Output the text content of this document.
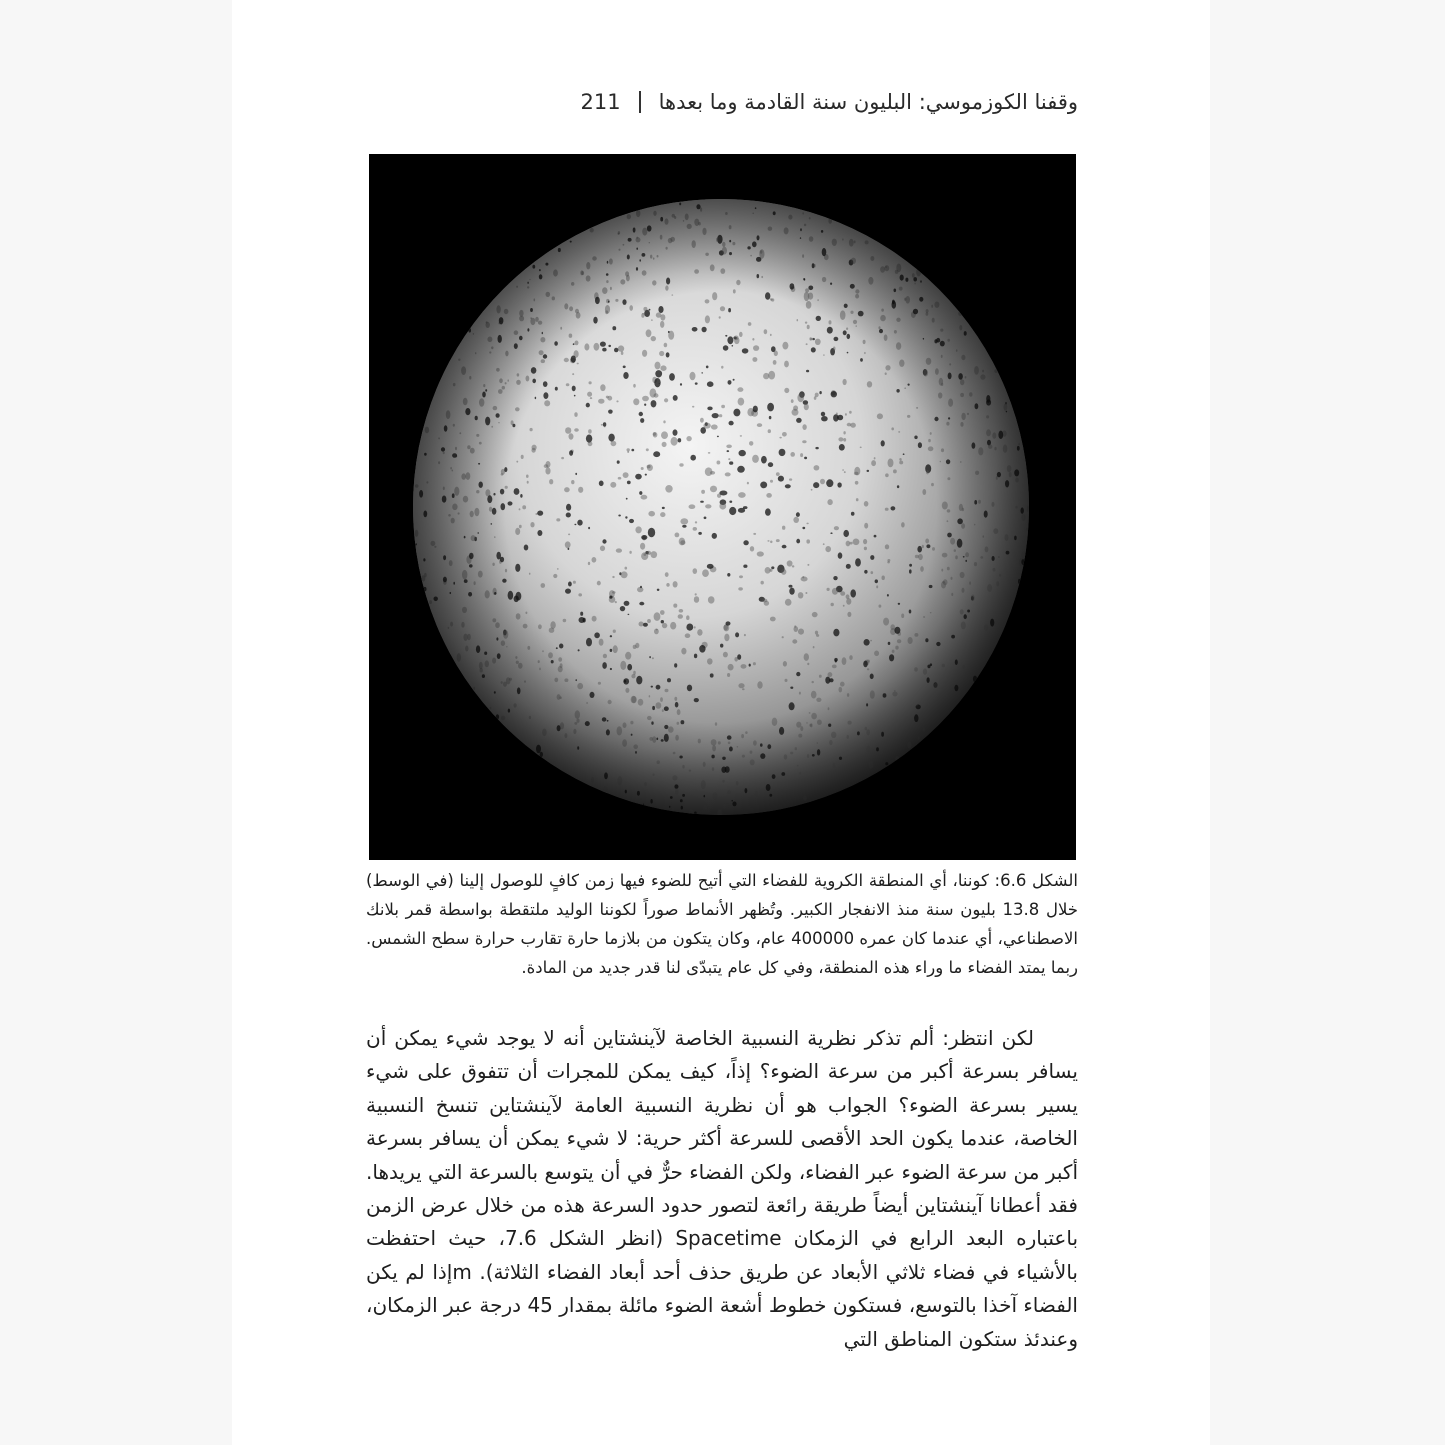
وقفنا الكوزموسي: البليون سنة القادمة وما بعدها
211
الشكل 6.6: كوننا، أي المنطقة الكروية للفضاء التي أتيح للضوء فيها زمن كافٍ للوصول إلينا (في الوسط) خلال 13.8 بليون سنة منذ الانفجار الكبير. وتُظهر الأنماط صوراً لكوننا الوليد ملتقطة بواسطة قمر بلانك الاصطناعي، أي عندما كان عمره 400000 عام، وكان يتكون من بلازما حارة تقارب حرارة سطح الشمس. ربما يمتد الفضاء ما وراء هذه المنطقة، وفي كل عام يتبدّى لنا قدر جديد من المادة.

لكن انتظر: ألم تذكر نظرية النسبية الخاصة لآينشتاين أنه لا يوجد شيء يمكن أن يسافر بسرعة أكبر من سرعة الضوء؟ إذاً، كيف يمكن للمجرات أن تتفوق على شيء يسير بسرعة الضوء؟ الجواب هو أن نظرية النسبية العامة لآينشتاين تنسخ النسبية الخاصة، عندما يكون الحد الأقصى للسرعة أكثر حرية: لا شيء يمكن أن يسافر بسرعة أكبر من سرعة الضوء عبر الفضاء، ولكن الفضاء حرٌّ في أن يتوسع بالسرعة التي يريدها. فقد أعطانا آينشتاين أيضاً طريقة رائعة لتصور حدود السرعة هذه من خلال عرض الزمن باعتباره البعد الرابع في الزمكان Spacetime (انظر الشكل 7.6، حيث احتفظت بالأشياء في فضاء ثلاثي الأبعاد عن طريق حذف أحد أبعاد الفضاء الثلاثة). mإذا لم يكن الفضاء آخذا بالتوسع، فستكون خطوط أشعة الضوء مائلة بمقدار 45 درجة عبر الزمكان، وعندئذ ستكون المناطق التي
